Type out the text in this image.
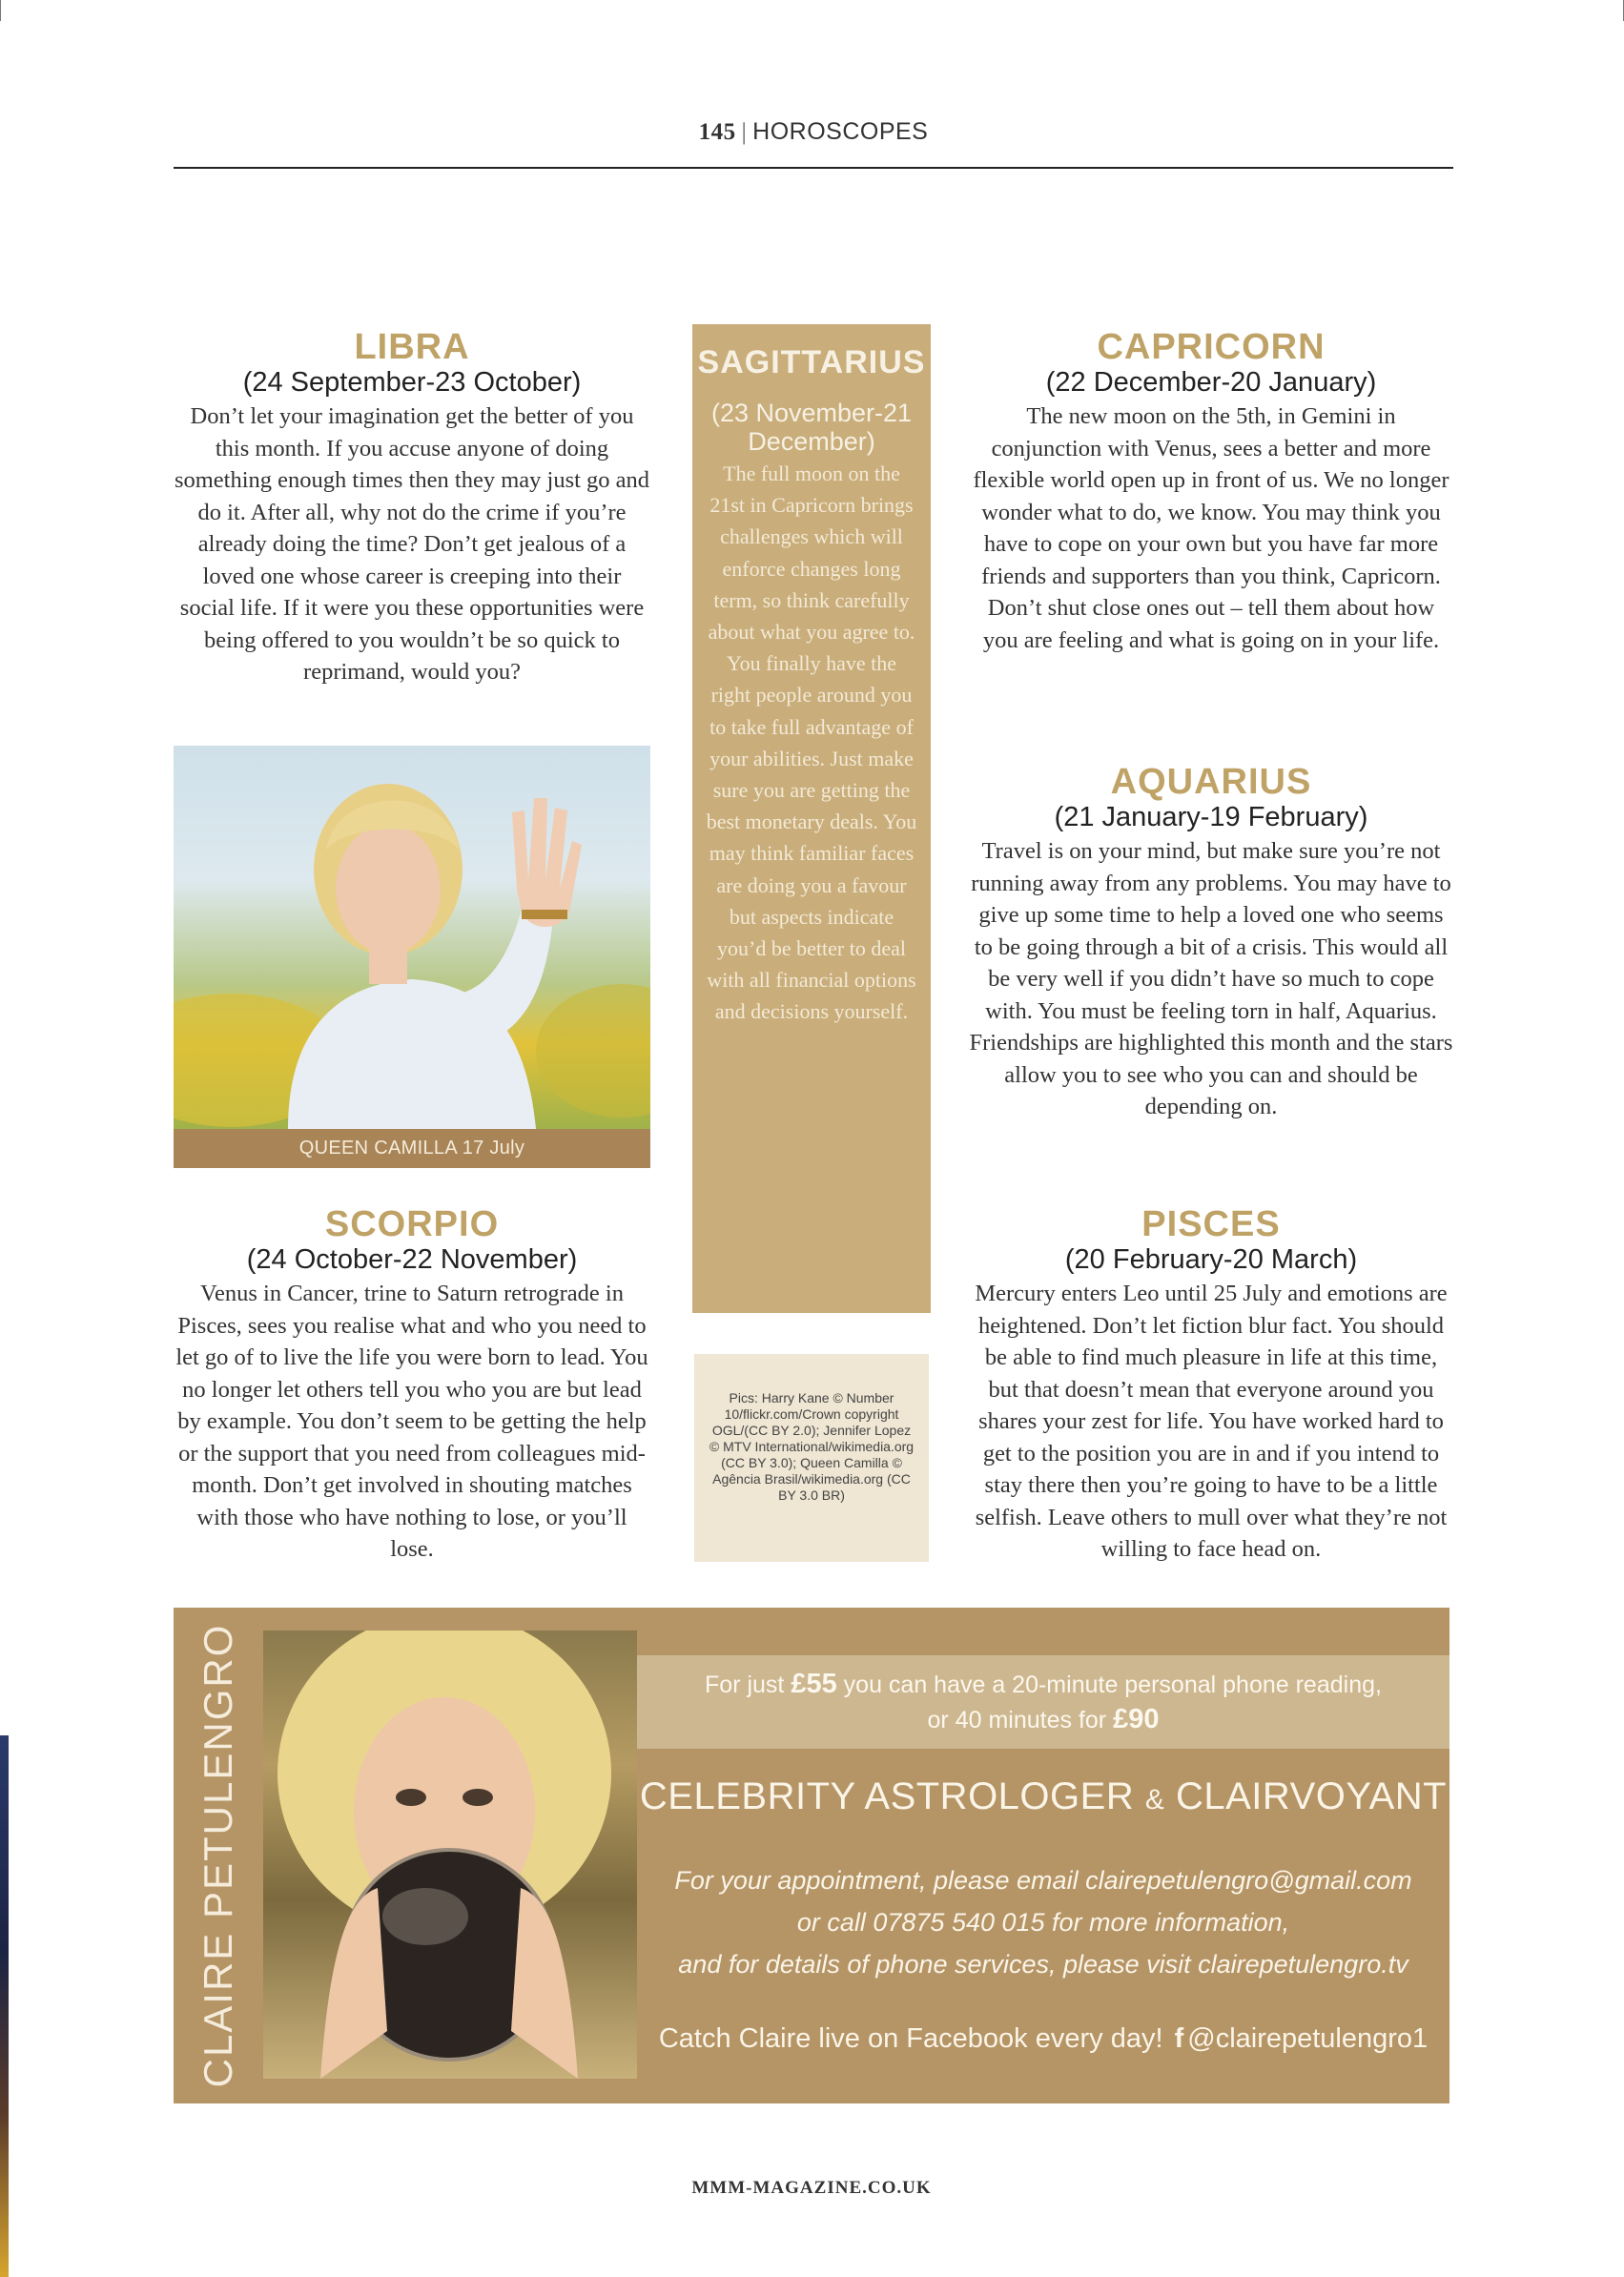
145 | HOROSCOPES
LIBRA
(24 September-23 October)
Don’t let your imagination get the better of you this month. If you accuse anyone of doing something enough times then they may just go and do it. After all, why not do the crime if you’re already doing the time? Don’t get jealous of a loved one whose career is creeping into their social life. If it were you these opportunities were being offered to you wouldn’t be so quick to reprimand, would you?
SAGITTARIUS
(23 November-21 December)
The full moon on the 21st in Capricorn brings challenges which will enforce changes long term, so think carefully about what you agree to. You finally have the right people around you to take full advantage of your abilities. Just make sure you are getting the best monetary deals. You may think familiar faces are doing you a favour but aspects indicate you’d be better to deal with all financial options and decisions yourself.
CAPRICORN
(22 December-20 January)
The new moon on the 5th, in Gemini in conjunction with Venus, sees a better and more flexible world open up in front of us. We no longer wonder what to do, we know. You may think you have to cope on your own but you have far more friends and supporters than you think, Capricorn. Don’t shut close ones out – tell them about how you are feeling and what is going on in your life.
QUEEN CAMILLA 17 July
AQUARIUS
(21 January-19 February)
Travel is on your mind, but make sure you’re not running away from any problems. You may have to give up some time to help a loved one who seems to be going through a bit of a crisis. This would all be very well if you didn’t have so much to cope with. You must be feeling torn in half, Aquarius. Friendships are highlighted this month and the stars allow you to see who you can and should be depending on.
SCORPIO
(24 October-22 November)
Venus in Cancer, trine to Saturn retrograde in Pisces, sees you realise what and who you need to let go of to live the life you were born to lead. You no longer let others tell you who you are but lead by example. You don’t seem to be getting the help or the support that you need from colleagues mid-month. Don’t get involved in shouting matches with those who have nothing to lose, or you’ll lose.
Pics: Harry Kane © Number 10/flickr.com/Crown copyright OGL/(CC BY 2.0); Jennifer Lopez © MTV International/wikimedia.org (CC BY 3.0); Queen Camilla © Agência Brasil/wikimedia.org (CC BY 3.0 BR)
PISCES
(20 February-20 March)
Mercury enters Leo until 25 July and emotions are heightened. Don’t let fiction blur fact. You should be able to find much pleasure in life at this time, but that doesn’t mean that everyone around you shares your zest for life. You have worked hard to get to the position you are in and if you intend to stay there then you’re going to have to be a little selfish. Leave others to mull over what they’re not willing to face head on.
CLAIRE PETULENGRO	For just £55 you can have a 20-minute personal phone reading,
or 40 minutes for £90
CELEBRITY ASTROLOGER & CLAIRVOYANT
For your appointment, please email clairepetulengro@gmail.com
or call 07875 540 015 for more information,
and for details of phone services, please visit clairepetulengro.tv
Catch Claire live on Facebook every day! f @clairepetulengro1
MMM-MAGAZINE.CO.UK
